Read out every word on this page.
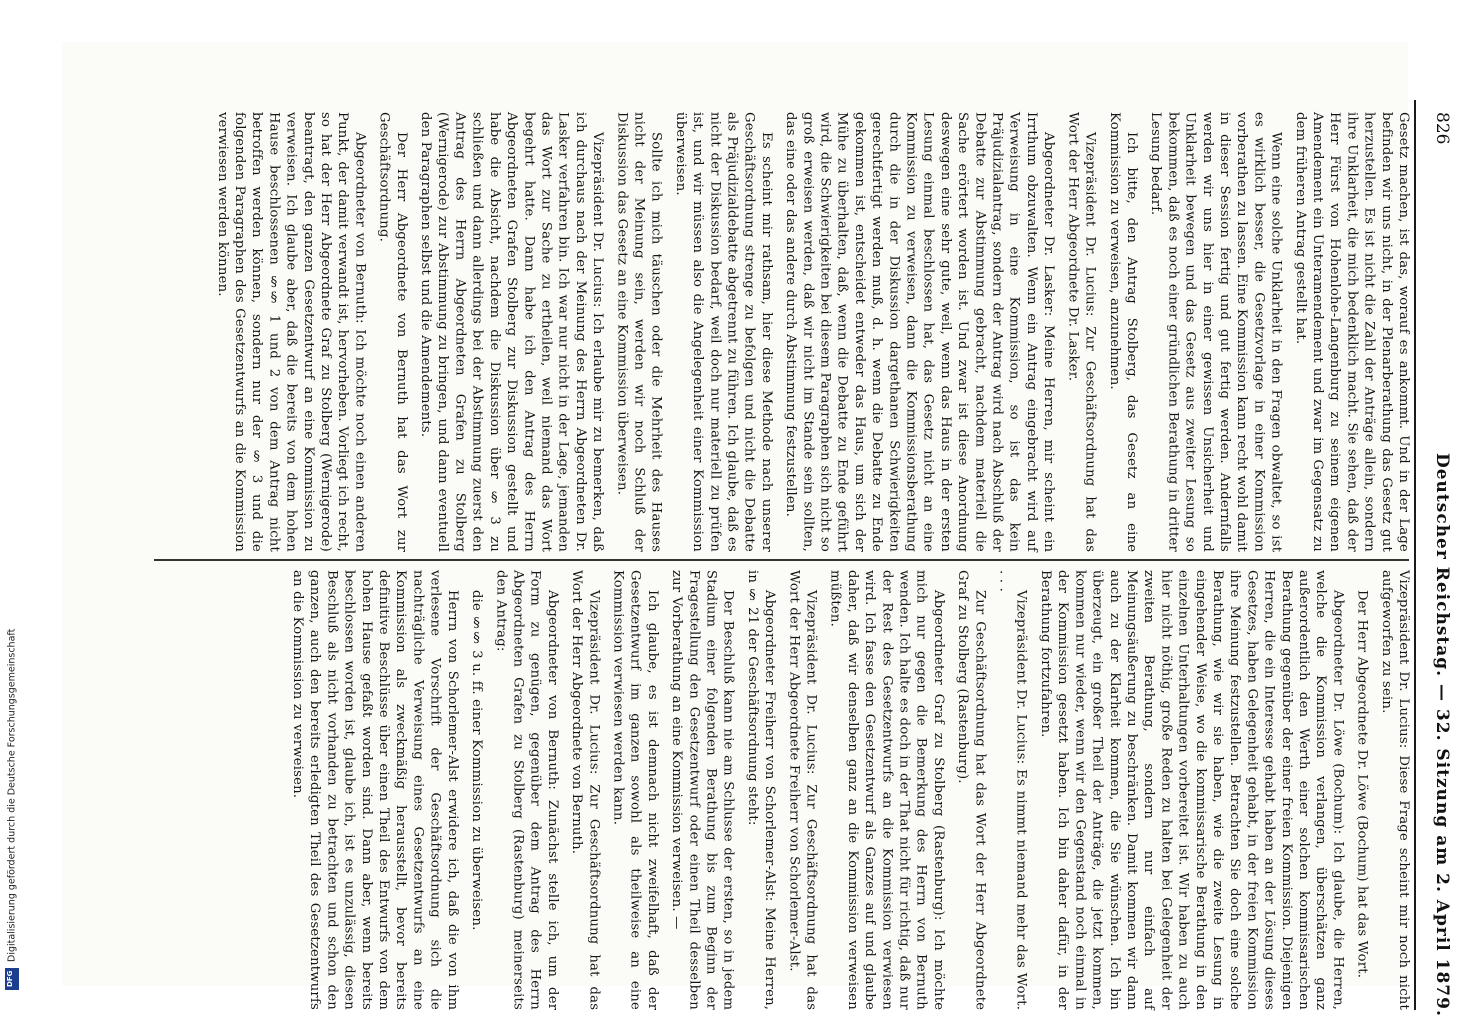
826
Deutscher Reichstag. — 32. Sitzung am 2. April 1879.

Gesetz machen, ist das, worauf es ankommt. Und in der Lage befinden wir uns nicht, in der Plenarberathung das Gesetz gut herzustellen. Es ist nicht die Zahl der Anträge allein, sondern ihre Unklarheit, die mich bedenklich macht. Sie sehen, daß der Herr Fürst von Hohenlohe-Langenburg zu seinem eigenen Amendement ein Unteramendement und zwar im Gegensatz zu dem früheren Antrag gestellt hat.

Wenn eine solche Unklarheit in den Fragen obwaltet, so ist es wirklich besser, die Gesetzvorlage in einer Kommission vorberathen zu lassen. Eine Kommission kann recht wohl damit in dieser Session fertig und gut fertig werden. Andernfalls werden wir uns hier in einer gewissen Unsicherheit und Unklarheit bewegen und das Gesetz aus zweiter Lesung so bekommen, daß es noch einer gründlichen Berathung in dritter Lesung bedarf.

Ich bitte, den Antrag Stolberg, das Gesetz an eine Kommission zu verweisen, anzunehmen.

Vizepräsident Dr. Lucius: Zur Geschäftsordnung hat das Wort der Herr Abgeordnete Dr. Lasker.

Abgeordneter Dr. Lasker: Meine Herren, mir scheint ein Irrthum obzuwalten. Wenn ein Antrag eingebracht wird auf Verweisung in eine Kommission, so ist das kein Präjudizialantrag, sondern der Antrag wird nach Abschluß der Debatte zur Abstimmung gebracht, nachdem materiell die Sache erörtert worden ist. Und zwar ist diese Anordnung deswegen eine sehr gute, weil, wenn das Haus in der ersten Lesung einmal beschlossen hat, das Gesetz nicht an eine Kommission zu verweisen, dann die Kommissionsberathung durch die in der Diskussion dargethanen Schwierigkeiten gerechtfertigt werden muß, d. h. wenn die Debatte zu Ende gekommen ist, entscheidet entweder das Haus, um sich der Mühe zu überhalten, daß, wenn die Debatte zu Ende geführt wird, die Schwierigkeiten bei diesem Paragraphen sich nicht so groß erweisen werden, daß wir nicht im Stande sein sollten, das eine oder das andere durch Abstimmung festzustellen.

Es scheint mir rathsam, hier diese Methode nach unserer Geschäftsordnung strenge zu befolgen und nicht die Debatte als Präjudizialdebatte abgetrennt zu führen. Ich glaube, daß es nicht der Diskussion bedarf, weil doch nur materiell zu prüfen ist, und wir müssen also die Angelegenheit einer Kommission überweisen.

Sollte ich mich täuschen oder die Mehrheit des Hauses nicht der Meinung sein, werden wir noch Schluß der Diskussion das Gesetz an eine Kommission überweisen.

Vizepräsident Dr. Lucius: Ich erlaube mir zu bemerken, daß ich durchaus nach der Meinung des Herrn Abgeordneten Dr. Lasker verfahren bin. Ich war nur nicht in der Lage, jemanden das Wort zur Sache zu ertheilen, weil niemand das Wort begehrt hatte. Dann habe ich den Antrag des Herrn Abgeordneten Grafen Stolberg zur Diskussion gestellt und habe die Absicht, nachdem die Diskussion über § 3 zu schließen und dann allerdings bei der Abstimmung zuerst den Antrag des Herrn Abgeordneten Grafen zu Stolberg (Wernigerode) zur Abstimmung zu bringen, und dann eventuell den Paragraphen selbst und die Amendements.

Der Herr Abgeordnete von Bernuth hat das Wort zur Geschäftsordnung.

Abgeordneter von Bernuth: Ich möchte noch einen anderen Punkt, der damit verwandt ist, hervorheben. Vorliegt ich recht, so hat der Herr Abgeordnete Graf zu Stolberg (Wernigerode) beantragt, den ganzen Gesetzentwurf an eine Kommission zu verweisen. Ich glaube aber, daß die bereits von dem hohen Hause beschlossenen §§ 1 und 2 von dem Antrag nicht betroffen werden können, sondern nur der § 3 und die folgenden Paragraphen des Gesetzentwurfs an die Kommission verwiesen werden können.

Vizepräsident Dr. Lucius: Diese Frage scheint mir noch nicht aufgeworfen zu sein.

Der Herr Abgeordnete Dr. Löwe (Bochum) hat das Wort.

Abgeordneter Dr. Löwe (Bochum): Ich glaube, die Herren, welche die Kommission verlangen, überschätzen ganz außerordentlich den Werth einer solchen kommissarischen Berathung gegenüber der einer freien Kommission. Diejenigen Herren, die ein Interesse gehabt haben an der Lösung dieses Gesetzes, haben Gelegenheit gehabt, in der freien Kommission ihre Meinung festzustellen. Betrachten Sie doch eine solche Berathung, wie wir sie haben, wie die zweite Lesung in eingehender Weise, wo die kommissarische Berathung in den einzelnen Unterhaltungen vorbereitet ist. Wir haben zu auch hier nicht nöthig, große Reden zu halten bei Gelegenheit der zweiten Berathung, sondern nur einfach auf Meinungsäußerung zu beschränken. Damit kommen wir dann auch zu der Klarheit kommen, die Sie wünschen. Ich bin überzeugt, ein großer Theil der Anträge, die jetzt kommen, kommen nur wieder, wenn wir den Gegenstand noch einmal in der Kommission gesetzt haben. Ich bin daher dafür, in der Berathung fortzufahren.

Vizepräsident Dr. Lucius: Es nimmt niemand mehr das Wort. . . .

Zur Geschäftsordnung hat das Wort der Herr Abgeordnete Graf zu Stolberg (Rastenburg).

Abgeordneter Graf zu Stolberg (Rastenburg): Ich möchte mich nur gegen die Bemerkung des Herrn von Bernuth wenden. Ich halte es doch in der That nicht für richtig, daß nur der Rest des Gesetzentwurfs an die Kommission verwiesen wird. Ich fasse den Gesetzentwurf als Ganzes auf und glaube daher, daß wir denselben ganz an die Kommission verweisen müßten.

Vizepräsident Dr. Lucius: Zur Geschäftsordnung hat das Wort der Herr Abgeordnete Freiherr von Schorlemer-Alst.

Abgeordneter Freiherr von Schorlemer-Alst: Meine Herren, in § 21 der Geschäftsordnung steht:

Der Beschluß kann nie am Schlusse der ersten, so in jedem Stadium einer folgenden Berathung bis zum Beginn der Fragestellung den Gesetzentwurf oder einen Theil desselben zur Vorberathung an eine Kommission verweisen. —

Ich glaube, es ist demnach nicht zweifelhaft, daß der Gesetzentwurf im ganzen sowohl als theilweise an eine Kommission verwiesen werden kann.

Vizepräsident Dr. Lucius: Zur Geschäftsordnung hat das Wort der Herr Abgeordnete von Bernuth.

Abgeordneter von Bernuth: Zunächst stelle ich, um der Form zu genügen, gegenüber dem Antrag des Herrn Abgeordneten Grafen zu Stolberg (Rastenburg) meinerseits den Antrag:

die §§ 3 u. ff. einer Kommission zu überweisen.

Herrn von Schorlemer-Alst erwidere ich, daß die von ihm verlesene Vorschrift der Geschäftsordnung sich die nachträgliche Verweisung eines Gesetzentwurfs an eine Kommission als zweckmäßig herausstellt, bevor bereits definitive Beschlüsse über einen Theil des Entwurfs von dem hohen Hause gefaßt worden sind. Dann aber, wenn bereits beschlossen worden ist, glaube ich, ist es unzulässig, diesen Beschluß als nicht vorhanden zu betrachten und schon den ganzen, auch den bereits erledigten Theil des Gesetzentwurfs an die Kommission zu verweisen.

DFG
Digitalisierung gefördert durch die Deutsche Forschungsgemeinschaft
